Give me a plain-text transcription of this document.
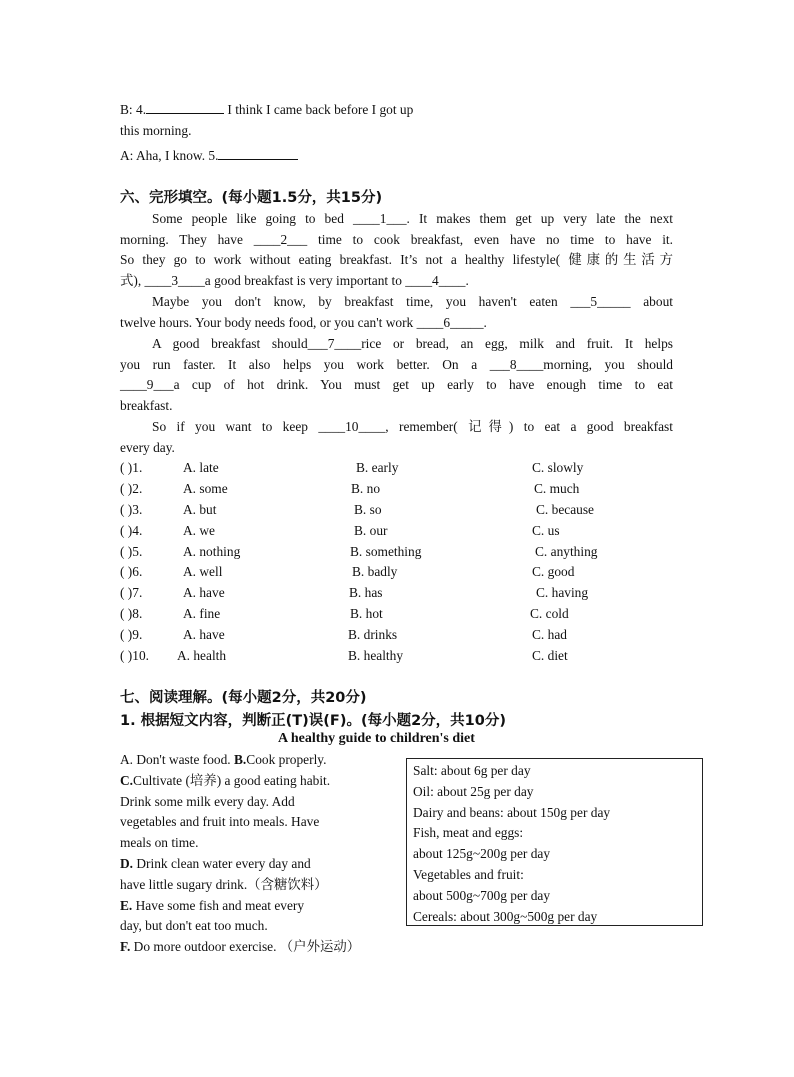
B: 4.	I think I came back before I got up
this morning.
A: Aha, I know. 5.
六、完形填空。(每小题1.5分，共15分)
Some people like going to bed ____1___. It makes them get up very late the next
morning. They have ____2___ time to cook breakfast, even have no time to have it.
So they go to work without eating breakfast. It’s not a healthy lifestyle( 健康的生活方
式), ____3____a good breakfast is very important to ____4____.
Maybe you don't know, by breakfast time, you haven't eaten ___5_____ about
twelve hours. Your body needs food, or you can't work ____6_____.
A good breakfast should___7____rice or bread, an egg, milk and fruit. It helps
you run faster. It also helps you work better. On a ___8____morning, you should
____9___a cup of hot drink. You must get up early to have enough time to eat
breakfast.
So if you want to keep ____10____, remember( 记得) to eat a good breakfast
every day.
( )1.	A. late	B. early	C. slowly
( )2.	A. some	B. no	C. much
( )3.	A. but	B. so	C. because
( )4.	A. we	B. our	C. us
( )5.	A. nothing	B. something	C. anything
( )6.	A. well	B. badly	C. good
( )7.	A. have	B. has	C. having
( )8.	A. fine	B. hot	C. cold
( )9.	A. have	B. drinks	C. had
( )10. A. health	B. healthy	C. diet
七、阅读理解。(每小题2分，共20分)
1. 根据短文内容，判断正(T)误(F)。(每小题2分，共10分)
A healthy guide to children's diet
A. Don't waste food. B.Cook properly.
C.Cultivate (培养) a good eating habit.
Drink some milk every day. Add
vegetables and fruit into meals. Have
meals on time.
D. Drink clean water every day and
have little sugary drink.（含糖饮料）
E. Have some fish and meat every
day, but don't eat too much.
F. Do more outdoor exercise. （户外运动）
Salt: about 6g per day
Oil: about 25g per day
Dairy and beans: about 150g per day
Fish, meat and eggs:
about 125g~200g per day
Vegetables and fruit:
about 500g~700g per day
Cereals: about 300g~500g per day
